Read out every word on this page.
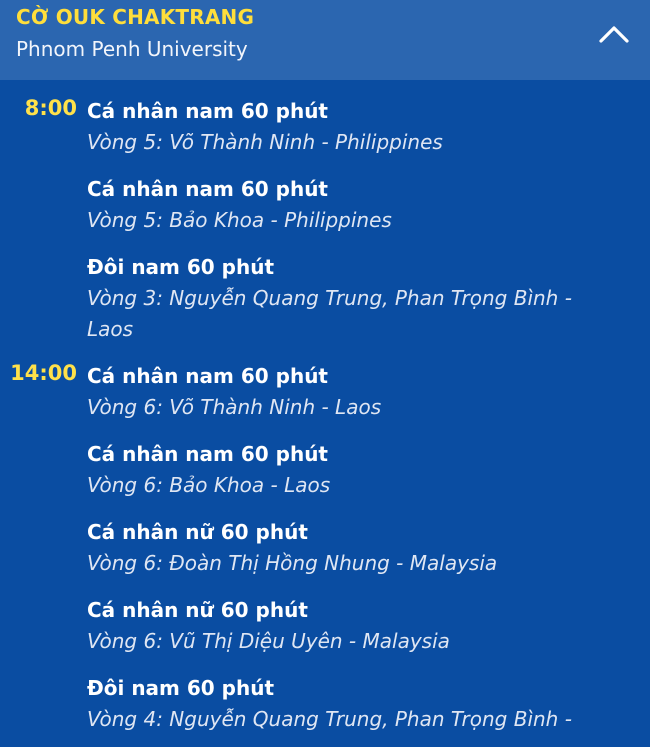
CỜ OUK CHAKTRANG
Phnom Penh University
8:00 Cá nhân nam 60 phút
Vòng 5: Võ Thành Ninh - Philippines
Cá nhân nam 60 phút
Vòng 5: Bảo Khoa - Philippines
Đôi nam 60 phút
Vòng 3: Nguyễn Quang Trung, Phan Trọng Bình - Laos
14:00 Cá nhân nam 60 phút
Vòng 6: Võ Thành Ninh - Laos
Cá nhân nam 60 phút
Vòng 6: Bảo Khoa - Laos
Cá nhân nữ 60 phút
Vòng 6: Đoàn Thị Hồng Nhung - Malaysia
Cá nhân nữ 60 phút
Vòng 6: Vũ Thị Diệu Uyên - Malaysia
Đôi nam 60 phút
Vòng 4: Nguyễn Quang Trung, Phan Trọng Bình -
